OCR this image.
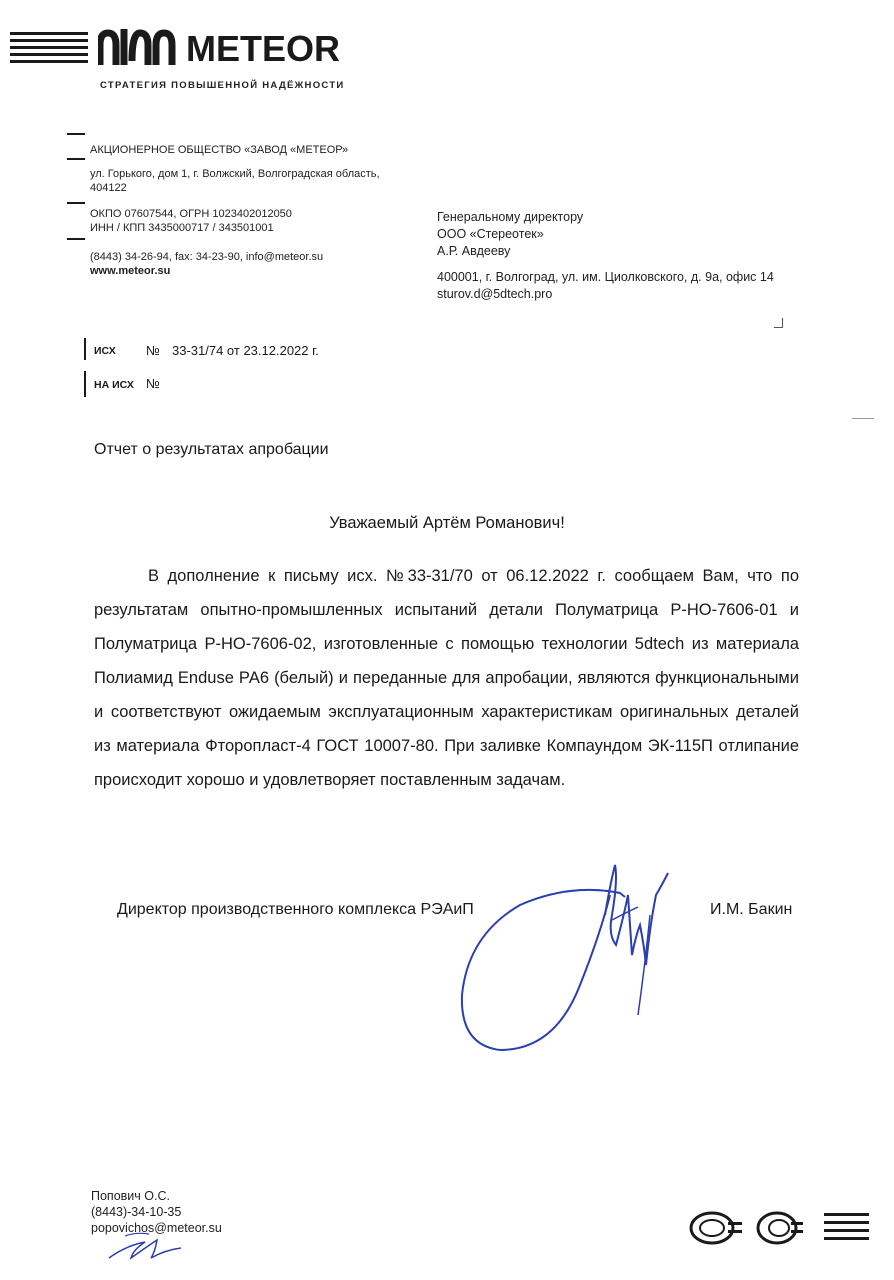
METEOR
СТРАТЕГИЯ ПОВЫШЕННОЙ НАДЁЖНОСТИ
АКЦИОНЕРНОЕ ОБЩЕСТВО «ЗАВОД «МЕТЕОР»
ул. Горького, дом 1, г. Волжский, Волгоградская область,
404122
ОКПО 07607544, ОГРН 1023402012050
ИНН / КПП 3435000717 / 343501001
(8443) 34-26-94, fax: 34-23-90, info@meteor.su
www.meteor.su
Генеральному директору
ООО «Стереотек»
А.Р. Авдееву
400001, г. Волгоград, ул. им. Циолковского, д. 9а, офис 14
sturov.d@5dtech.pro
ИСХ № 33-31/74 от 23.12.2022 г.
НА ИСХ №
Отчет о результатах апробации
Уважаемый Артём Романович!
В дополнение к письму исх. №33-31/70 от 06.12.2022 г. сообщаем Вам, что по результатам опытно-промышленных испытаний детали Полуматрица Р-НО-7606-01 и Полуматрица Р-НО-7606-02, изготовленные с помощью технологии 5dtech из материала Полиамид Enduse РА6 (белый) и переданные для апробации, являются функциональными и соответствуют ожидаемым эксплуатационным характеристикам оригинальных деталей из материала Фторопласт-4 ГОСТ 10007-80. При заливке Компаундом ЭК-115П отлипание происходит хорошо и удовлетворяет поставленным задачам.
Директор производственного комплекса РЭАиП	И.М. Бакин
Попович О.С.
(8443)-34-10-35
popovichos@meteor.su
